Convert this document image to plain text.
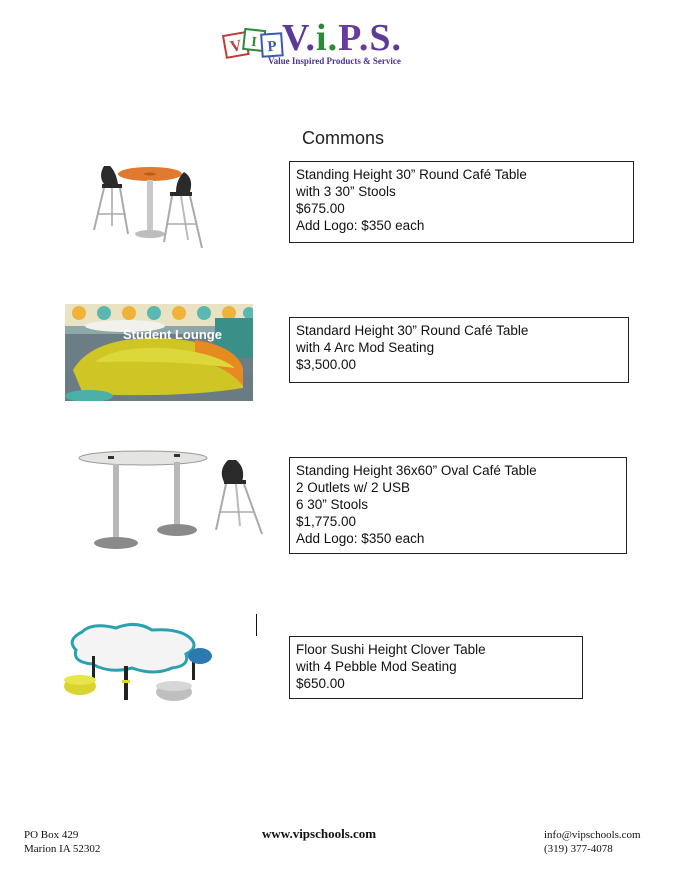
V I P V.i.P.S.
Value Inspired Products & Service
Commons
Standing Height 30” Round Café Table
with 3 30” Stools
$675.00
Add Logo: $350 each
Student Lounge	Standard Height 30” Round Café Table
with 4 Arc Mod Seating
$3,500.00
Standing Height 36x60” Oval Café Table
2 Outlets w/ 2 USB
6 30” Stools
$1,775.00
Add Logo: $350 each
Floor Sushi Height Clover Table
with 4 Pebble Mod Seating
$650.00
PO Box 429
Marion IA 52302
www.vipschools.com	info@vipschools.com
(319) 377-4078
